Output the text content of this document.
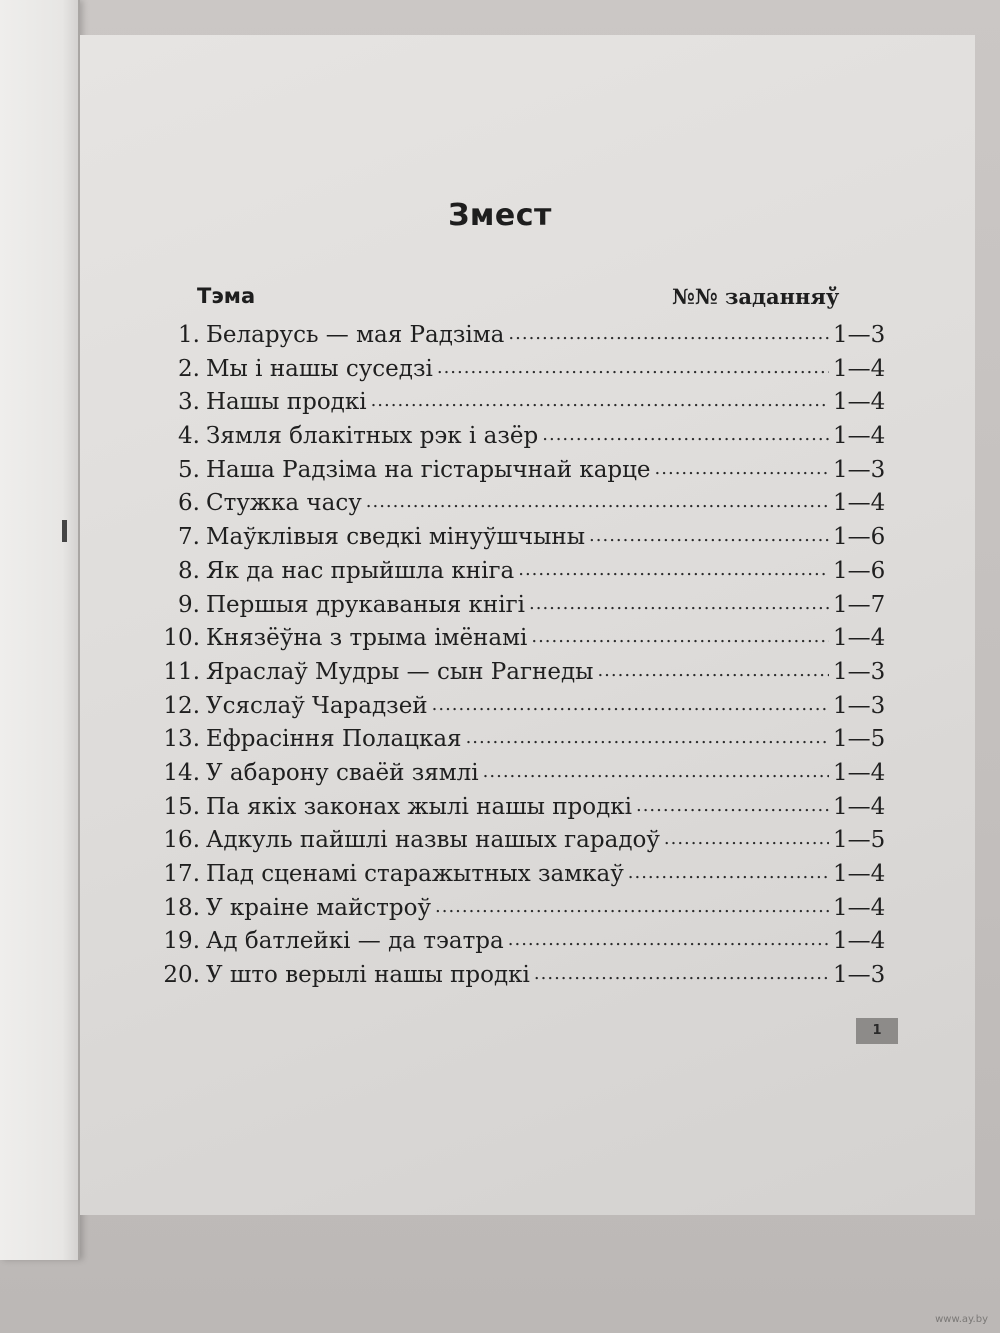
Змест
Тэма	№№ заданняў
1. Беларусь — мая Радзіма .....	1—3
2. Мы і нашы суседзі .....	1—4
3. Нашы продкі .....	1—4
4. Зямля блакітных рэк і азёр .....	1—4
5. Наша Радзіма на гістарычнай карце .....	1—3
6. Стужка часу .....	1—4
7. Маўклівыя сведкі мінуўшчыны .....	1—6
8. Як да нас прыйшла кніга .....	1—6
9. Першыя друкаваныя кнігі .....	1—7
10. Князёўна з трыма імёнамі .....	1—4
11. Яраслаў Мудры — сын Рагнеды .....	1—3
12. Усяслаў Чарадзей .....	1—3
13. Ефрасіння Полацкая .....	1—5
14. У абарону сваёй зямлі .....	1—4
15. Па якіх законах жылі нашы продкі .....	1—4
16. Адкуль пайшлі назвы нашых гарадоў .....	1—5
17. Пад сценамі старажытных замкаў .....	1—4
18. У краіне майстроў .....	1—4
19. Ад батлейкі — да тэатра .....	1—4
20. У што верылі нашы продкі .....	1—3
1
www.ay.by
